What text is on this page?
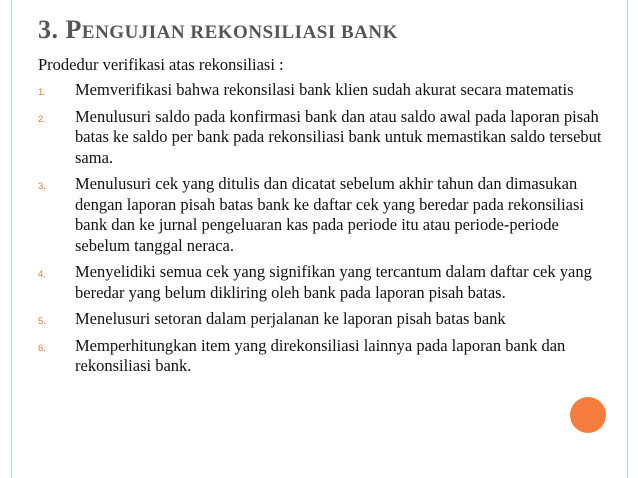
3. PENGUJIAN REKONSILIASI BANK
Prodedur verifikasi atas rekonsiliasi :
1. Memverifikasi bahwa rekonsilasi bank klien sudah akurat secara matematis
2. Menulusuri saldo pada konfirmasi bank dan atau saldo awal pada laporan pisah batas ke saldo per bank pada rekonsiliasi bank untuk memastikan saldo tersebut sama.
3. Menulusuri cek yang ditulis dan dicatat sebelum akhir tahun dan dimasukan dengan laporan pisah batas bank ke daftar cek yang beredar pada rekonsiliasi bank dan ke jurnal pengeluaran kas pada periode itu atau periode-periode sebelum tanggal neraca.
4. Menyelidiki semua cek yang signifikan yang tercantum dalam daftar cek yang beredar yang belum dikliring oleh bank pada laporan pisah batas.
5. Menelusuri setoran dalam perjalanan ke laporan pisah batas bank
6. Memperhitungkan item yang direkonsiliasi lainnya pada laporan bank dan rekonsiliasi bank.
